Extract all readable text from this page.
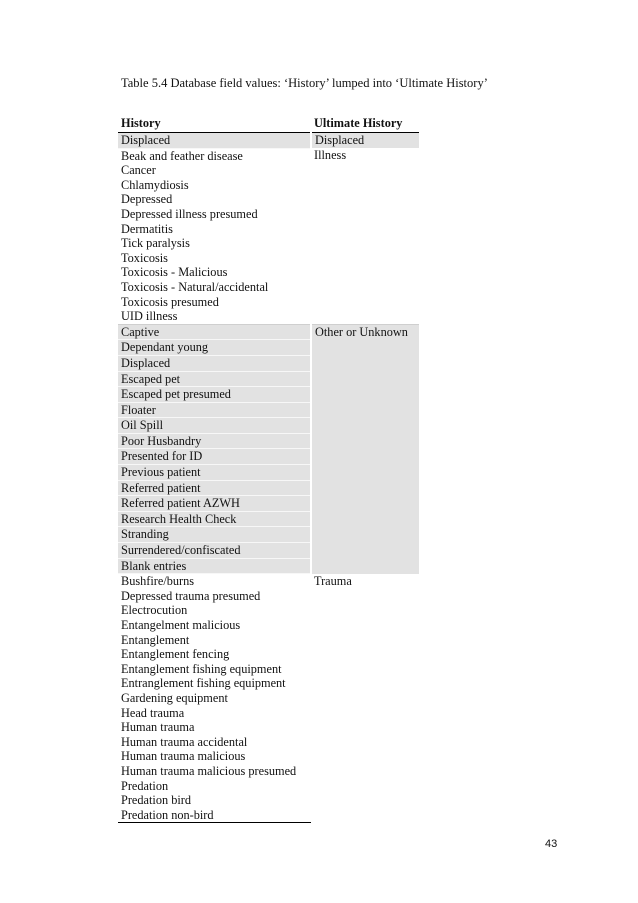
Table 5.4 Database field values: ‘History’ lumped into ‘Ultimate History’
History	Ultimate History
Displaced	Displaced
Beak and feather disease	Illness
Cancer	
Chlamydiosis	
Depressed	
Depressed illness presumed	
Dermatitis	
Tick paralysis	
Toxicosis	
Toxicosis - Malicious	
Toxicosis - Natural/accidental	
Toxicosis presumed	
UID illness	
Captive	Other or Unknown
Dependant young	
Displaced	
Escaped pet	
Escaped pet presumed	
Floater	
Oil Spill	
Poor Husbandry	
Presented for ID	
Previous patient	
Referred patient	
Referred patient AZWH	
Research Health Check	
Stranding	
Surrendered/confiscated	
Blank entries	
Bushfire/burns	Trauma
Depressed trauma presumed	
Electrocution	
Entangelment malicious	
Entanglement	
Entanglement fencing	
Entanglement fishing equipment	
Entranglement fishing equipment	
Gardening equipment	
Head trauma	
Human trauma	
Human trauma accidental	
Human trauma malicious	
Human trauma malicious presumed	
Predation	
Predation bird	
Predation non-bird	
43
